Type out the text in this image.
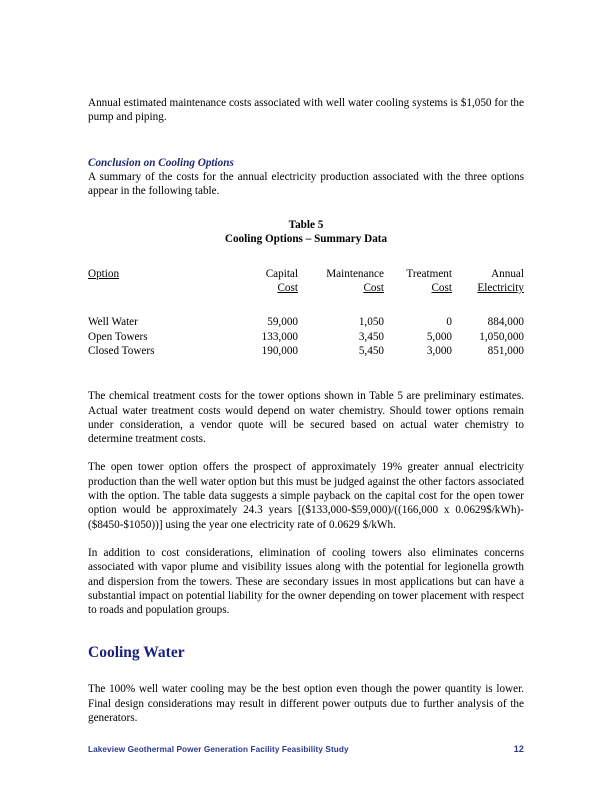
Annual estimated maintenance costs associated with well water cooling systems is $1,050 for the pump and piping.

Conclusion on Cooling Options

A summary of the costs for the annual electricity production associated with the three options appear in the following table.

Table 5
Cooling Options – Summary Data
Option	Capital	Maintenance	Treatment	Annual
	Cost	Cost	Cost	Electricity

Well Water	59,000	1,050	0	884,000
Open Towers	133,000	3,450	5,000	1,050,000
Closed Towers	190,000	5,450	3,000	851,000

The chemical treatment costs for the tower options shown in Table 5 are preliminary estimates. Actual water treatment costs would depend on water chemistry. Should tower options remain under consideration, a vendor quote will be secured based on actual water chemistry to determine treatment costs.

The open tower option offers the prospect of approximately 19% greater annual electricity production than the well water option but this must be judged against the other factors associated with the option. The table data suggests a simple payback on the capital cost for the open tower option would be approximately 24.3 years [($133,000-$59,000)/((166,000 x 0.0629$/kWh)-($8450-$1050))] using the year one electricity rate of 0.0629 $/kWh.

In addition to cost considerations, elimination of cooling towers also eliminates concerns associated with vapor plume and visibility issues along with the potential for legionella growth and dispersion from the towers. These are secondary issues in most applications but can have a substantial impact on potential liability for the owner depending on tower placement with respect to roads and population groups.

Cooling Water

The 100% well water cooling may be the best option even though the power quantity is lower. Final design considerations may result in different power outputs due to further analysis of the generators.

Lakeview Geothermal Power Generation Facility Feasibility Study	12
